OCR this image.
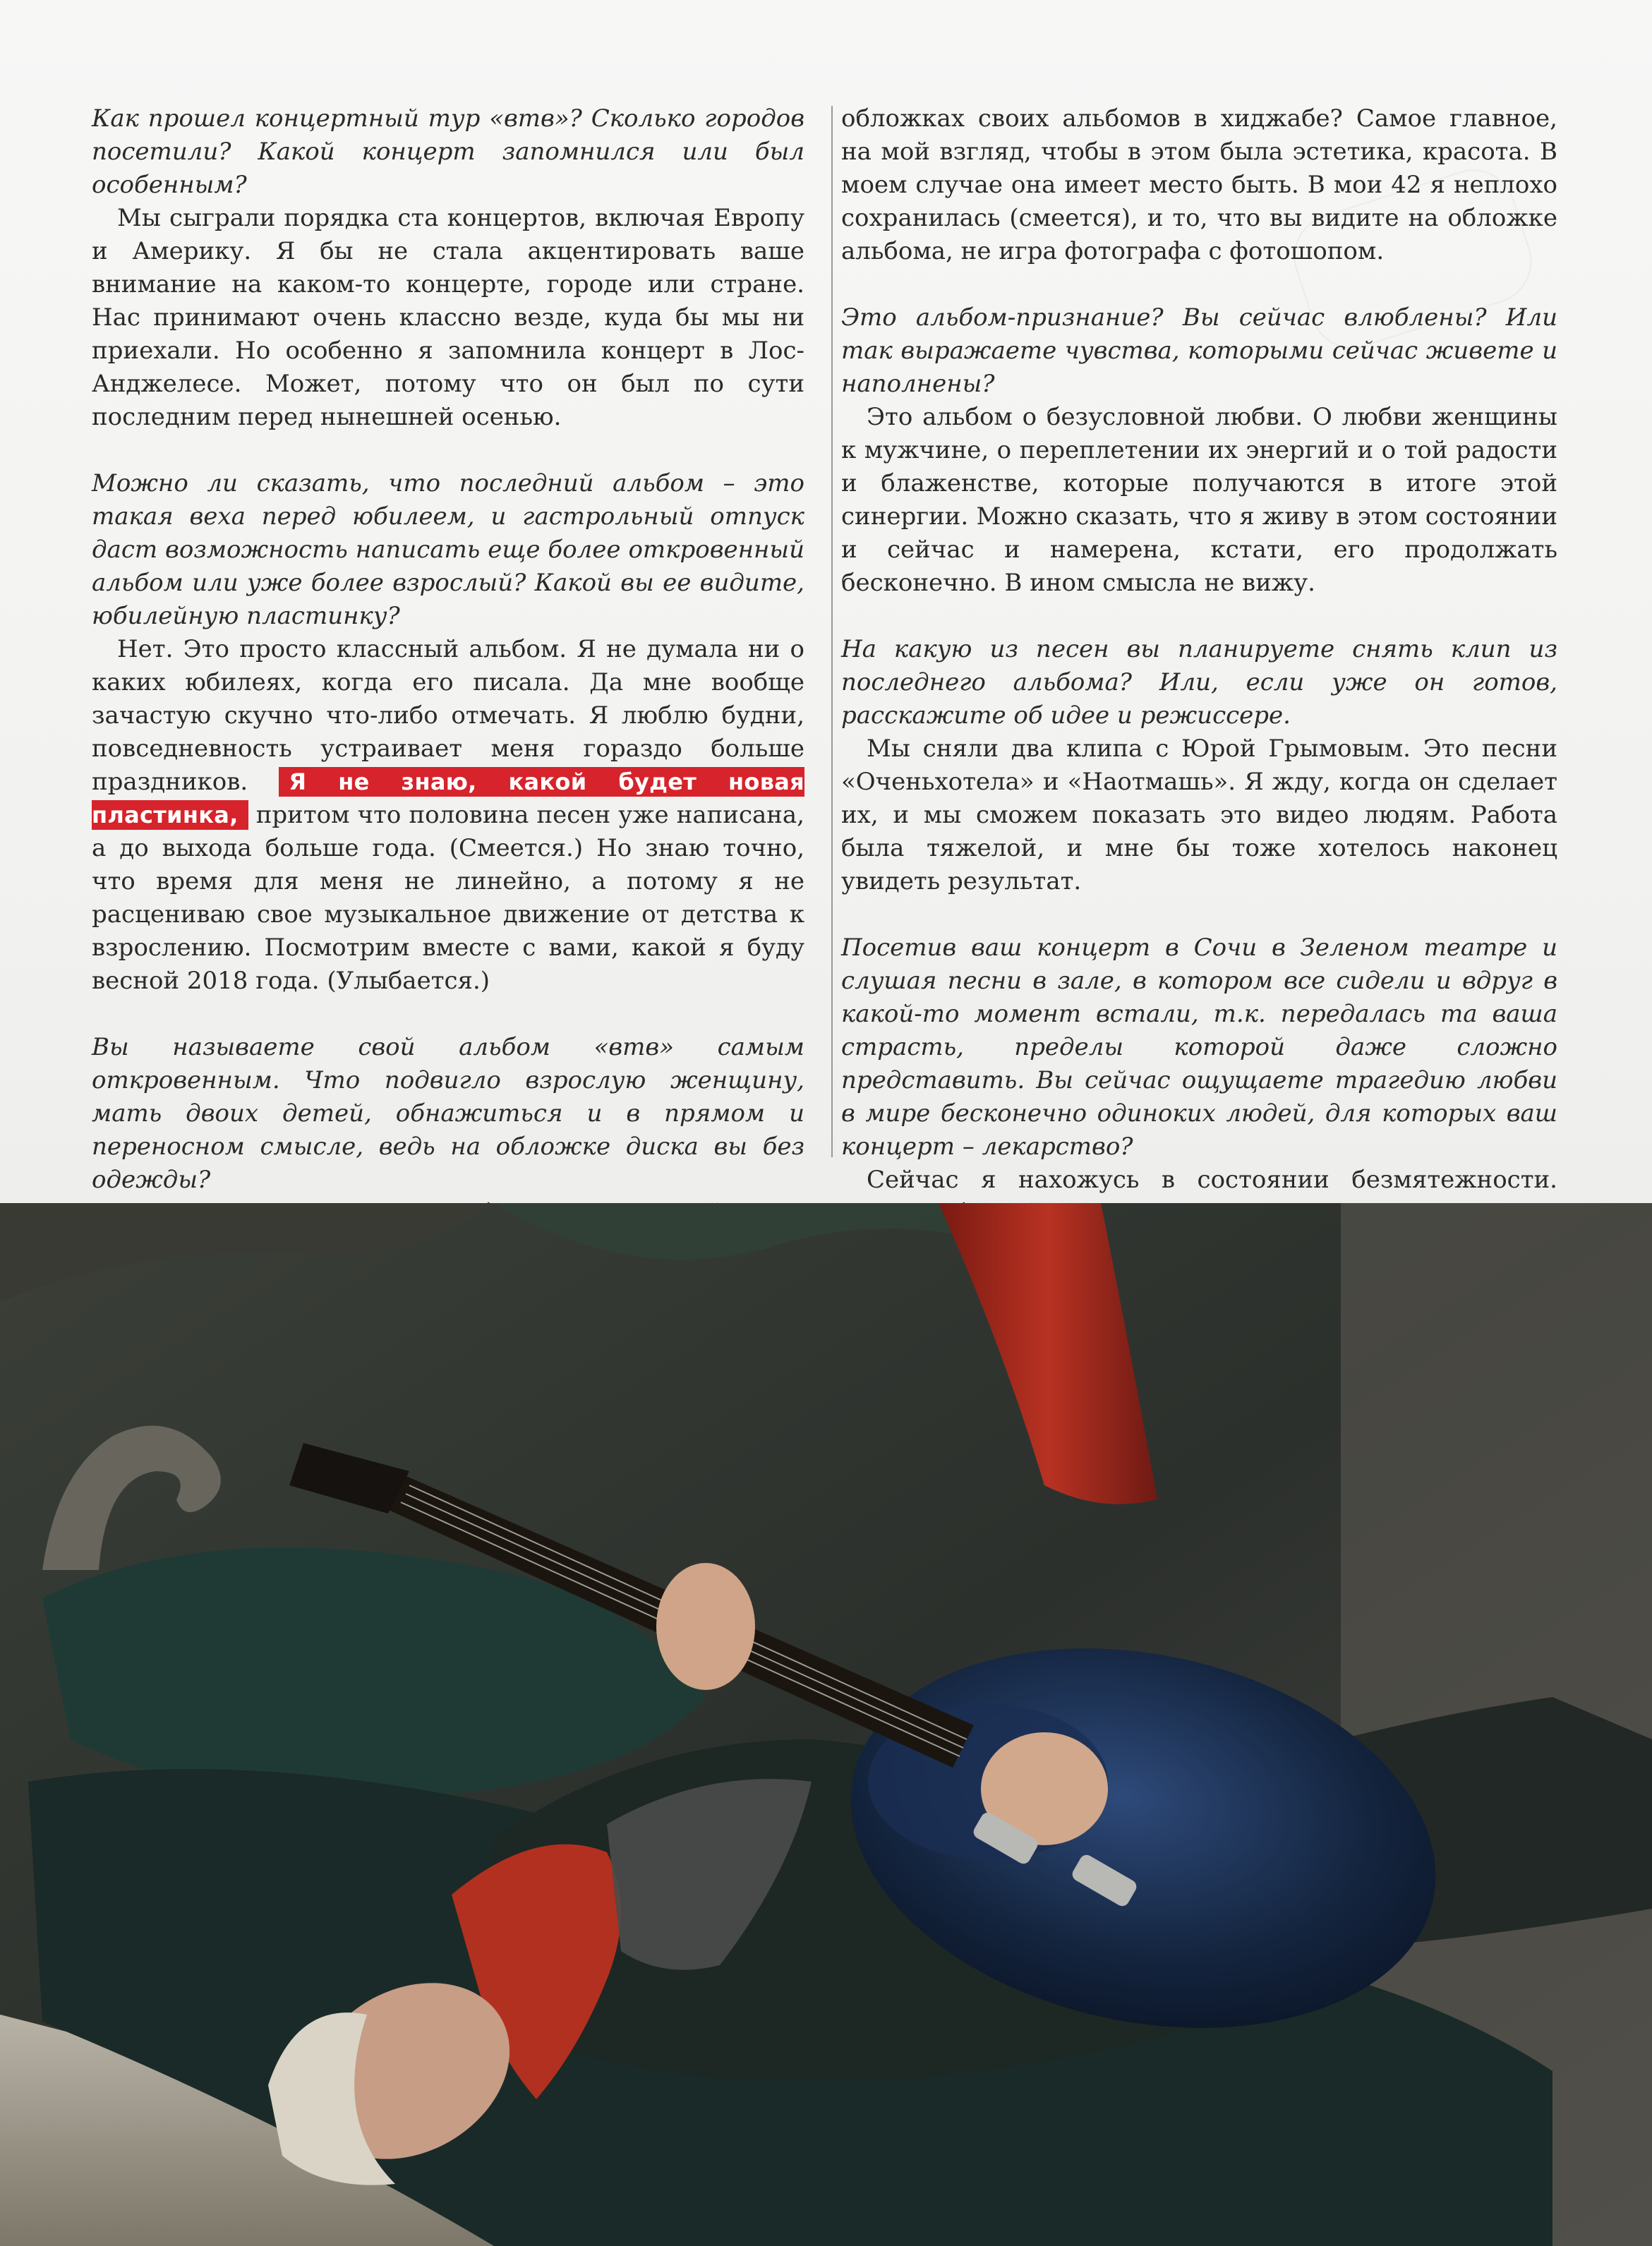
Как прошел концертный тур «втв»? Сколько городов посетили? Какой концерт запомнился или был особенным?

Мы сыграли порядка ста концертов, включая Европу и Америку. Я бы не стала акцентировать ваше внимание на каком-то концерте, городе или стране. Нас принимают очень классно везде, куда бы мы ни приехали. Но особенно я запомнила концерт в Лос-Анджелесе. Может, потому что он был по сути последним перед нынешней осенью.

Можно ли сказать, что последний альбом – это такая веха перед юбилеем, и гастрольный отпуск даст возможность написать еще более откровенный альбом или уже более взрослый? Какой вы ее видите, юбилейную пластинку?

Нет. Это просто классный альбом. Я не думала ни о каких юбилеях, когда его писала. Да мне вообще зачастую скучно что-либо отмечать. Я люблю будни, повседневность устраивает меня гораздо больше праздников. Я не знаю, какой будет новая пластинка, притом что половина песен уже написана, а до выхода больше года. (Смеется.) Но знаю точно, что время для меня не линейно, а потому я не расцениваю свое музыкальное движение от детства к взрослению. Посмотрим вместе с вами, какой я буду весной 2018 года. (Улыбается.)

Вы называете свой альбом «втв» самым откровенным. Что подвигло взрослую женщину, мать двоих детей, обнажиться и в прямом и переносном смысле, ведь на обложке диска вы без одежды?

обложках своих альбомов в хиджабе? Самое главное, на мой взгляд, чтобы в этом была эстетика, красота. В моем случае она имеет место быть. В мои 42 я неплохо сохранилась (смеется), и то, что вы видите на обложке альбома, не игра фотографа с фотошопом.

Это альбом-признание? Вы сейчас влюблены? Или так выражаете чувства, которыми сейчас живете и наполнены?

Это альбом о безусловной любви. О любви женщины к мужчине, о переплетении их энергий и о той радости и блаженстве, которые получаются в итоге этой синергии. Можно сказать, что я живу в этом состоянии и сейчас и намерена, кстати, его продолжать бесконечно. В ином смысла не вижу.

На какую из песен вы планируете снять клип из последнего альбома? Или, если уже он готов, расскажите об идее и режиссере.

Мы сняли два клипа с Юрой Грымовым. Это песни «Оченьхотела» и «Наотмашь». Я жду, когда он сделает их, и мы сможем показать это видео людям. Работа была тяжелой, и мне бы тоже хотелось наконец увидеть результат.

Посетив ваш концерт в Сочи в Зеленом театре и слушая песни в зале, в котором все сидели и вдруг в какой-то момент встали, т.к. передалась та ваша страсть, пределы которой даже сложно представить. Вы сейчас ощущаете трагедию любви в мире бесконечно одиноких людей, для которых ваш концерт – лекарство?

Сейчас я нахожусь в состоянии безмятежности.
